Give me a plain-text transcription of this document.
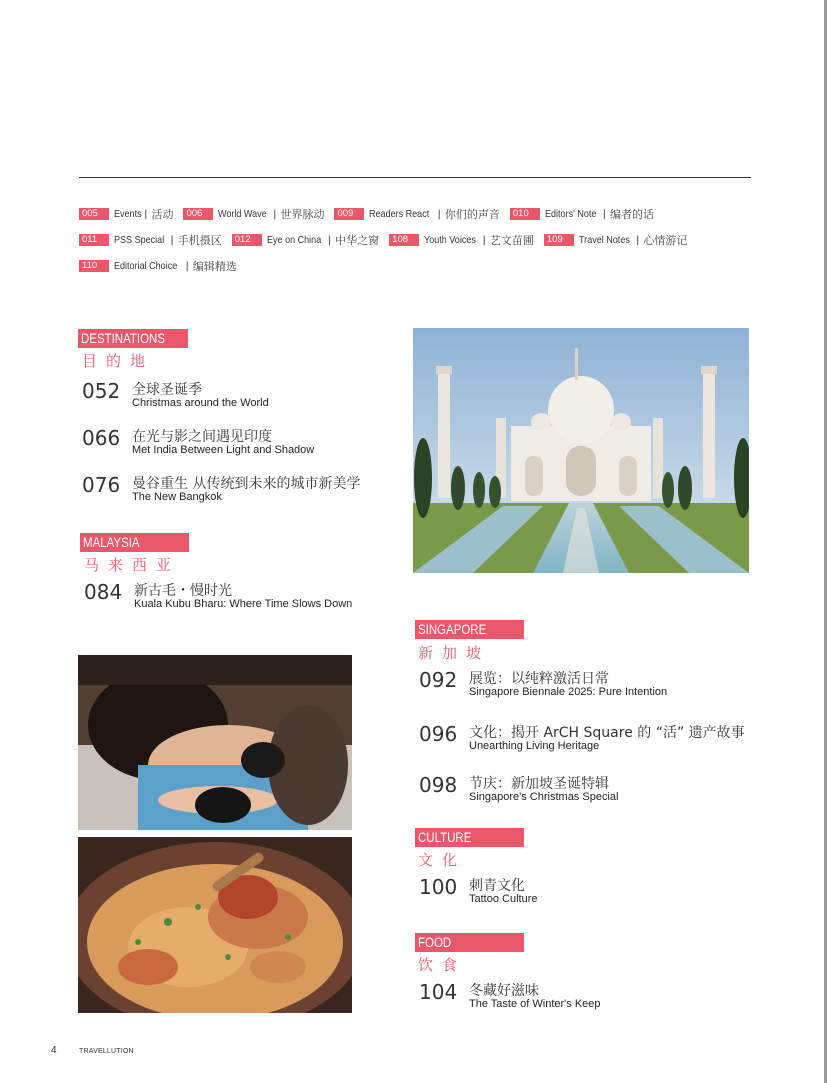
005	Events | 活动	006	World Wave | 世界脉动	009	Readers React | 你们的声音	010	Editors' Note | 编者的话
011	PSS Special | 手机摄区	012	Eye on China | 中华之窗	108	Youth Voices | 艺文苗圃	109	Travel Notes | 心情游记
110	Editorial Choice | 编辑精选
DESTINATIONS
目的地
052 全球圣诞季
Christmas around the World
066 在光与影之间遇见印度
Met India Between Light and Shadow
076 曼谷重生 从传统到未来的城市新美学
The New Bangkok
MALAYSIA
马来西亚
084 新古毛・慢时光
Kuala Kubu Bharu: Where Time Slows Down
SINGAPORE
新加坡
092 展览：以纯粹激活日常
Singapore Biennale 2025: Pure Intention
096 文化：揭开 ArCH Square 的 “活” 遗产故事
Unearthing Living Heritage
098 节庆：新加坡圣诞特辑
Singapore's Christmas Special
CULTURE
文化
100 刺青文化
Tattoo Culture
FOOD
饮食
104 冬藏好滋味
The Taste of Winter's Keep
4	TRAVELLUTION
